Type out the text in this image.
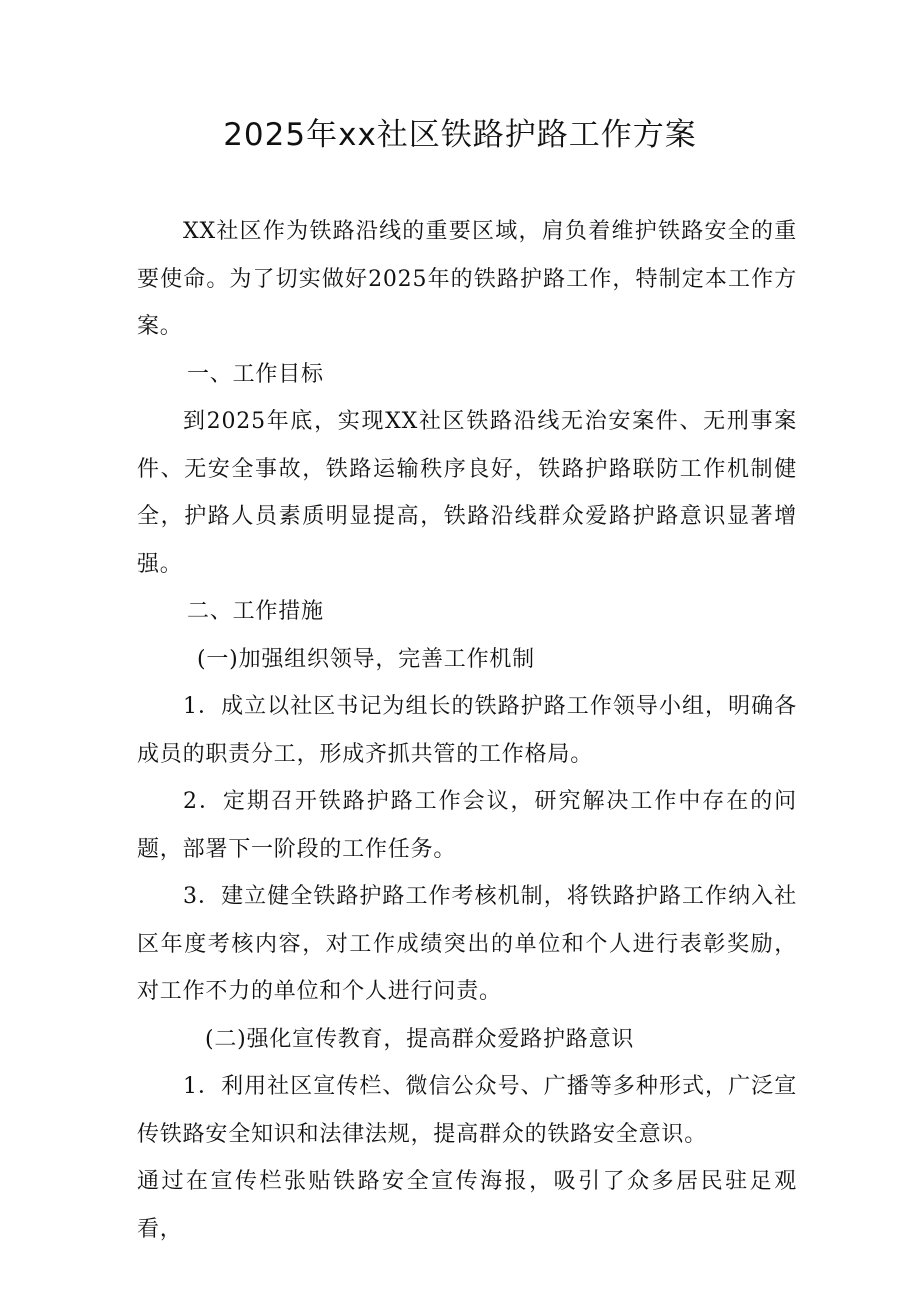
2025年xx社区铁路护路工作方案

XX社区作为铁路沿线的重要区域，肩负着维护铁路安全的重要使命。为了切实做好2025年的铁路护路工作，特制定本工作方案。

一、工作目标

到2025年底，实现XX社区铁路沿线无治安案件、无刑事案件、无安全事故，铁路运输秩序良好，铁路护路联防工作机制健全，护路人员素质明显提高，铁路沿线群众爱路护路意识显著增强。

二、工作措施

(一)加强组织领导，完善工作机制

1．成立以社区书记为组长的铁路护路工作领导小组，明确各成员的职责分工，形成齐抓共管的工作格局。

2．定期召开铁路护路工作会议，研究解决工作中存在的问题，部署下一阶段的工作任务。

3．建立健全铁路护路工作考核机制，将铁路护路工作纳入社区年度考核内容，对工作成绩突出的单位和个人进行表彰奖励，对工作不力的单位和个人进行问责。

(二)强化宣传教育，提高群众爱路护路意识

1．利用社区宣传栏、微信公众号、广播等多种形式，广泛宣传铁路安全知识和法律法规，提高群众的铁路安全意识。

通过在宣传栏张贴铁路安全宣传海报，吸引了众多居民驻足观看，
